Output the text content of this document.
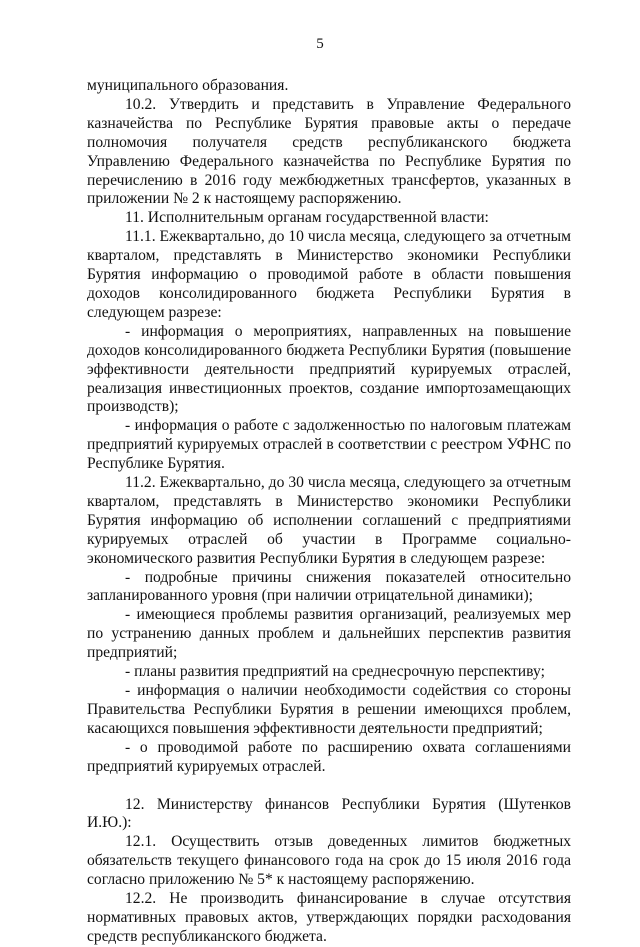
5

муниципального образования.

10.2. Утвердить и представить в Управление Федерального казначейства по Республике Бурятия правовые акты о передаче полномочия получателя средств республиканского бюджета Управлению Федерального казначейства по Республике Бурятия по перечислению в 2016 году межбюджетных трансфертов, указанных в приложении № 2 к настоящему распоряжению.

11. Исполнительным органам государственной власти:

11.1. Ежеквартально, до 10 числа месяца, следующего за отчетным кварталом, представлять в Министерство экономики Республики Бурятия информацию о проводимой работе в области повышения доходов консолидированного бюджета Республики Бурятия в следующем разрезе:

- информация о мероприятиях, направленных на повышение доходов консолидированного бюджета Республики Бурятия (повышение эффективности деятельности предприятий курируемых отраслей, реализация инвестиционных проектов, создание импортозамещающих производств);

- информация о работе с задолженностью по налоговым платежам предприятий курируемых отраслей в соответствии с реестром УФНС по Республике Бурятия.

11.2. Ежеквартально, до 30 числа месяца, следующего за отчетным кварталом, представлять в Министерство экономики Республики Бурятия информацию об исполнении соглашений с предприятиями курируемых отраслей об участии в Программе социально-экономического развития Республики Бурятия в следующем разрезе:

- подробные причины снижения показателей относительно запланированного уровня (при наличии отрицательной динамики);

- имеющиеся проблемы развития организаций, реализуемых мер по устранению данных проблем и дальнейших перспектив развития предприятий;

- планы развития предприятий на среднесрочную перспективу;

- информация о наличии необходимости содействия со стороны Правительства Республики Бурятия в решении имеющихся проблем, касающихся повышения эффективности деятельности предприятий;

- о проводимой работе по расширению охвата соглашениями предприятий курируемых отраслей.

12. Министерству финансов Республики Бурятия (Шутенков И.Ю.):

12.1. Осуществить отзыв доведенных лимитов бюджетных обязательств текущего финансового года на срок до 15 июля 2016 года согласно приложению № 5* к настоящему распоряжению.

12.2. Не производить финансирование в случае отсутствия нормативных правовых актов, утверждающих порядки расходования средств республиканского бюджета.
